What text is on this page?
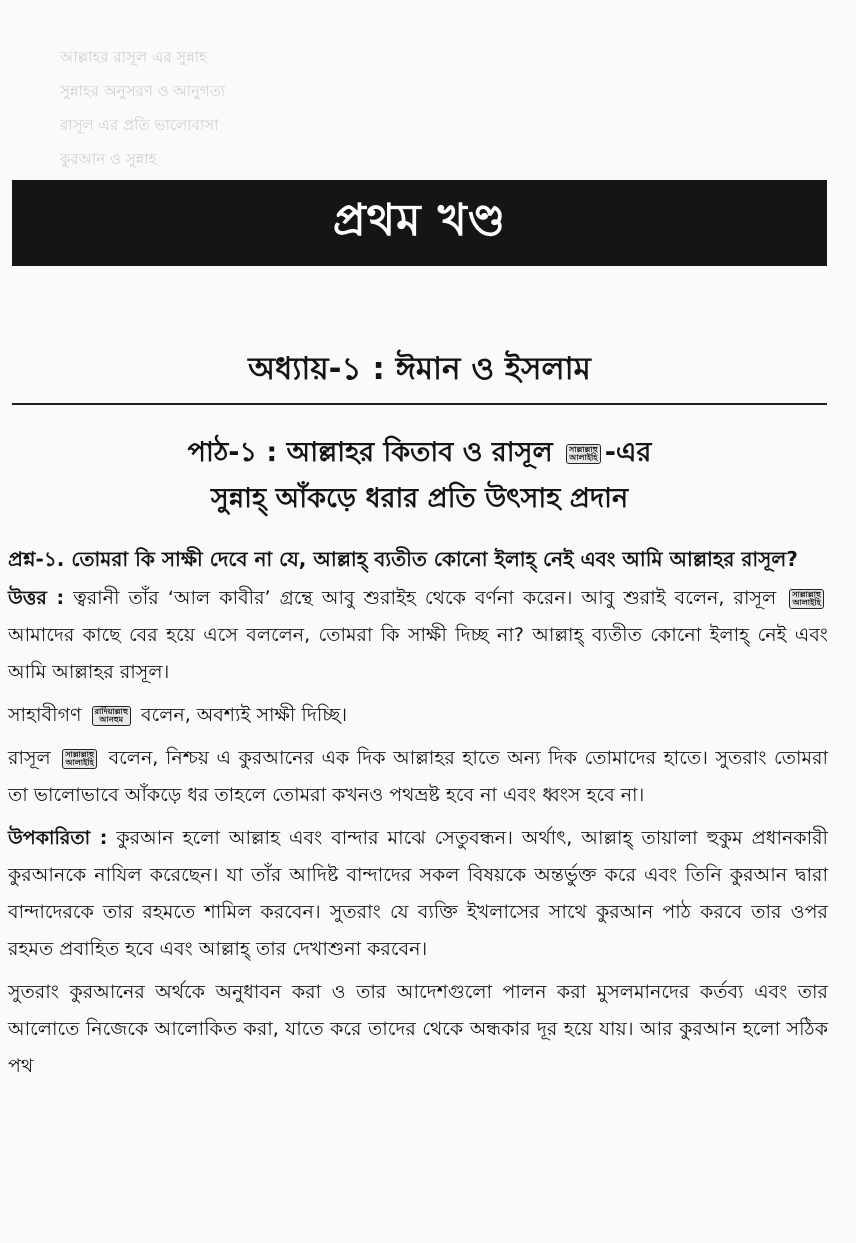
আল্লাহর রাসূল এর সুন্নাহ
সুন্নাহর অনুসরণ ও আনুগত্য
রাসূল এর প্রতি ভালোবাসা
কুরআন ও সুন্নাহ
প্রথম খণ্ড
অধ্যায়-১ : ঈমান ও ইসলাম
পাঠ-১ : আল্লাহর কিতাব ও রাসূল সাল্লাল্লাহু
আলাইহি -এর
সুন্নাহ্ আঁকড়ে ধরার প্রতি উৎসাহ প্রদান

প্রশ্ন-১. তোমরা কি সাক্ষী দেবে না যে, আল্লাহ্ ব্যতীত কোনো ইলাহ্ নেই এবং আমি আল্লাহর রাসূল?

উত্তর : ত্বরানী তাঁর ‘আল কাবীর’ গ্রন্থে আবু শুরাইহ থেকে বর্ণনা করেন। আবু শুরাই বলেন, রাসূল সাল্লাল্লাহু
আলাইহি আমাদের কাছে বের হয়ে এসে বললেন, তোমরা কি সাক্ষী দিচ্ছ না? আল্লাহ্ ব্যতীত কোনো ইলাহ্ নেই এবং আমি আল্লাহর রাসূল।

সাহাবীগণ রাদিয়াল্লাহু
আনহুম বলেন, অবশ্যই সাক্ষী দিচ্ছি।

রাসূল সাল্লাল্লাহু
আলাইহি বলেন, নিশ্চয় এ কুরআনের এক দিক আল্লাহর হাতে অন্য দিক তোমাদের হাতে। সুতরাং তোমরা তা ভালোভাবে আঁকড়ে ধর তাহলে তোমরা কখনও পথভ্রষ্ট হবে না এবং ধ্বংস হবে না।

উপকারিতা : কুরআন হলো আল্লাহ এবং বান্দার মাঝে সেতুবন্ধন। অর্থাৎ, আল্লাহ্ তায়ালা হুকুম প্রধানকারী কুরআনকে নাযিল করেছেন। যা তাঁর আদিষ্ট বান্দাদের সকল বিষয়কে অন্তর্ভুক্ত করে এবং তিনি কুরআন দ্বারা বান্দাদেরকে তার রহমতে শামিল করবেন। সুতরাং যে ব্যক্তি ইখলাসের সাথে কুরআন পাঠ করবে তার ওপর রহমত প্রবাহিত হবে এবং আল্লাহ্ তার দেখাশুনা করবেন।

সুতরাং কুরআনের অর্থকে অনুধাবন করা ও তার আদেশগুলো পালন করা মুসলমানদের কর্তব্য এবং তার আলোতে নিজেকে আলোকিত করা, যাতে করে তাদের থেকে অন্ধকার দূর হয়ে যায়। আর কুরআন হলো সঠিক পথ
